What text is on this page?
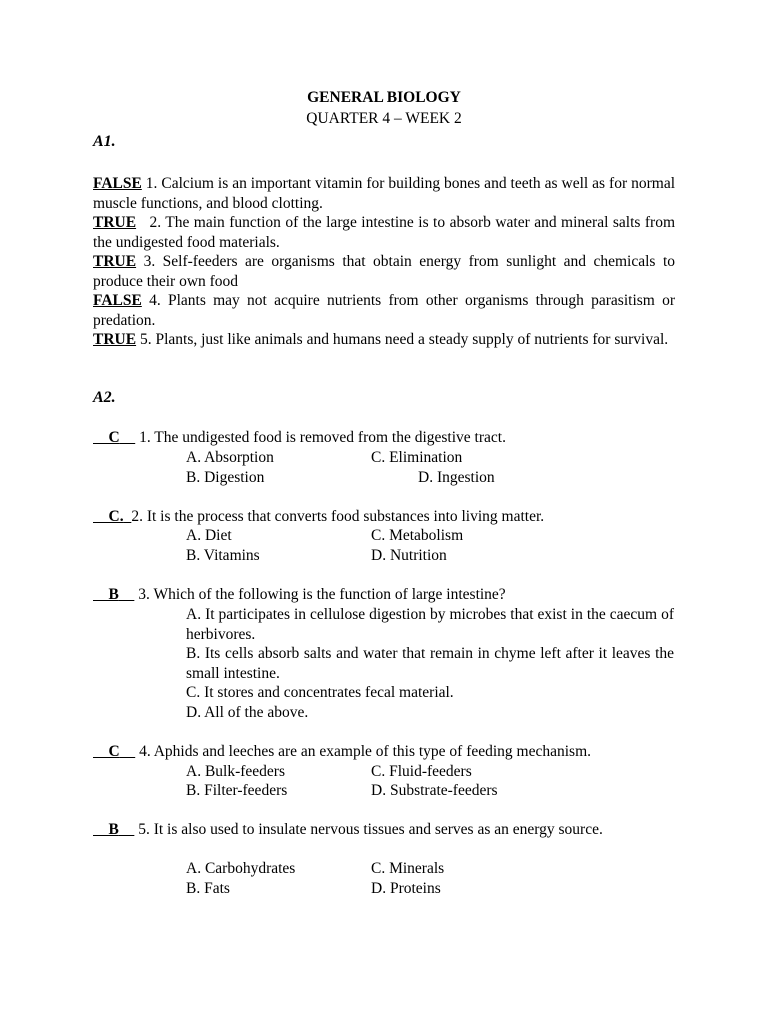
GENERAL BIOLOGY
QUARTER 4 – WEEK 2
A1.

FALSE 1. Calcium is an important vitamin for building bones and teeth as well as for normal muscle functions, and blood clotting.

TRUE 2. The main function of the large intestine is to absorb water and mineral salts from the undigested food materials.

TRUE 3. Self-feeders are organisms that obtain energy from sunlight and chemicals to produce their own food

FALSE 4. Plants may not acquire nutrients from other organisms through parasitism or predation.

TRUE 5. Plants, just like animals and humans need a steady supply of nutrients for survival.

A2.

C     1. The undigested food is removed from the digestive tract.

A. Absorption	C. Elimination
B. Digestion	D. Ingestion

C. 2. It is the process that converts food substances into living matter.

A. Diet	C. Metabolism
B. Vitamins	D. Nutrition

B     3. Which of the following is the function of large intestine?

A. It participates in cellulose digestion by microbes that exist in the caecum of herbivores.

B. Its cells absorb salts and water that remain in chyme left after it leaves the small intestine.

C. It stores and concentrates fecal material.

D. All of the above.

C     4. Aphids and leeches are an example of this type of feeding mechanism.

A. Bulk-feeders	C. Fluid-feeders
B. Filter-feeders	D. Substrate-feeders

B     5. It is also used to insulate nervous tissues and serves as an energy source.

A. Carbohydrates	C. Minerals
B. Fats	D. Proteins
